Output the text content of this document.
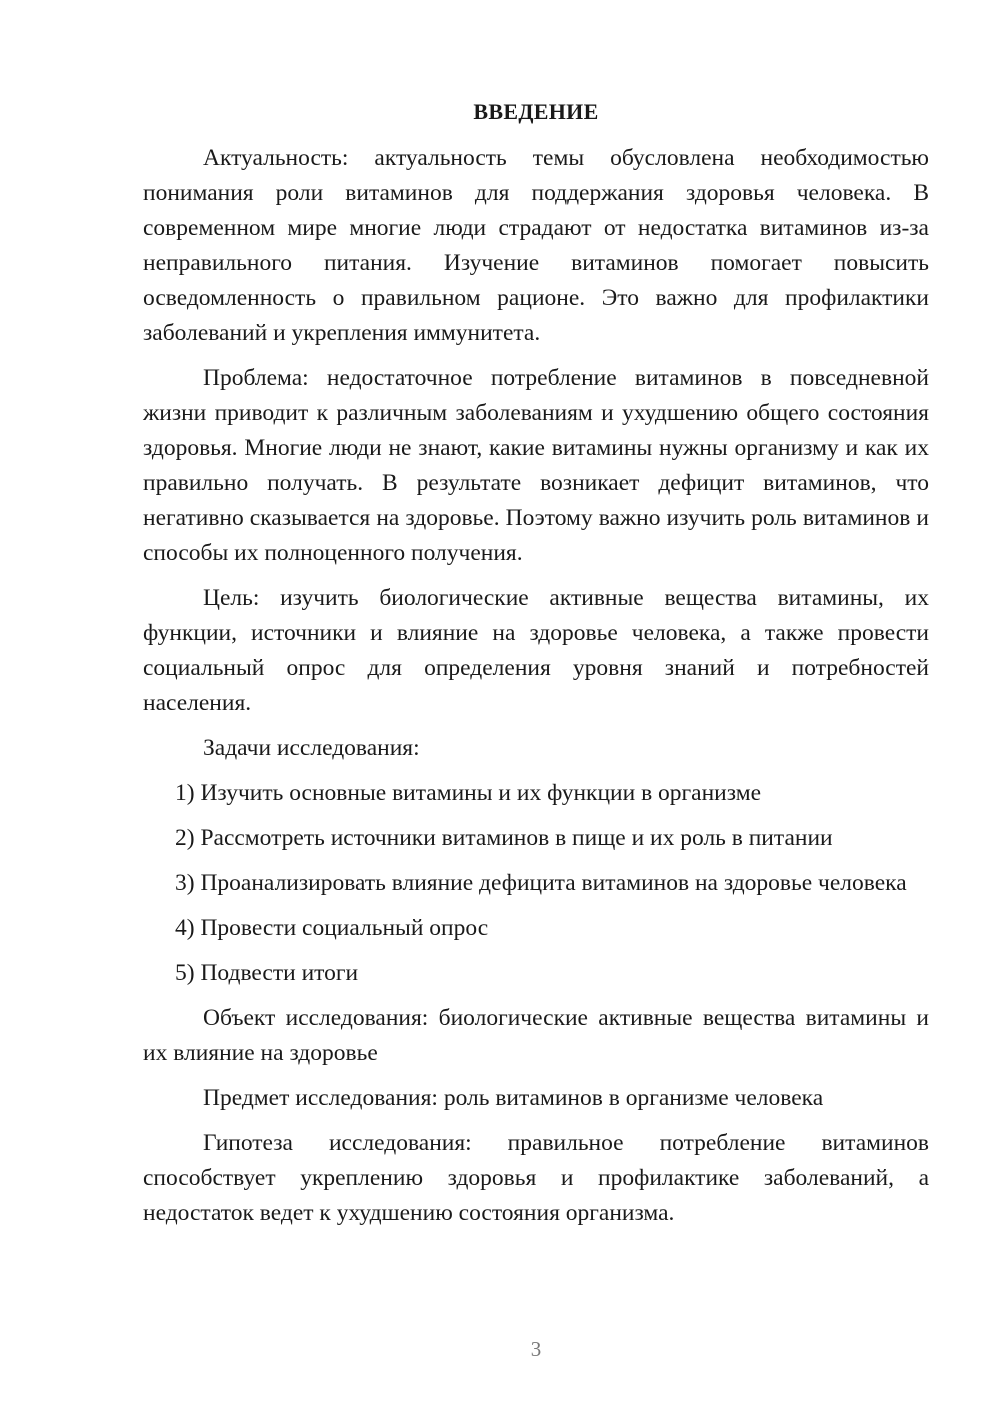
ВВЕДЕНИЕ

Актуальность: актуальность темы обусловлена необходимостью понимания роли витаминов для поддержания здоровья человека. В современном мире многие люди страдают от недостатка витаминов из-за неправильного питания. Изучение витаминов помогает повысить осведомленность о правильном рационе. Это важно для профилактики заболеваний и укрепления иммунитета.

Проблема: недостаточное потребление витаминов в повседневной жизни приводит к различным заболеваниям и ухудшению общего состояния здоровья. Многие люди не знают, какие витамины нужны организму и как их правильно получать. В результате возникает дефицит витаминов, что негативно сказывается на здоровье. Поэтому важно изучить роль витаминов и способы их полноценного получения.

Цель: изучить биологические активные вещества витамины, их функции, источники и влияние на здоровье человека, а также провести социальный опрос для определения уровня знаний и потребностей населения.

Задачи исследования:

1) Изучить основные витамины и их функции в организме

2) Рассмотреть источники витаминов в пище и их роль в питании

3) Проанализировать влияние дефицита витаминов на здоровье человека

4) Провести социальный опрос

5) Подвести итоги

Объект исследования: биологические активные вещества витамины и их влияние на здоровье

Предмет исследования: роль витаминов в организме человека

Гипотеза исследования: правильное потребление витаминов способствует укреплению здоровья и профилактике заболеваний, а недостаток ведет к ухудшению состояния организма.

3
